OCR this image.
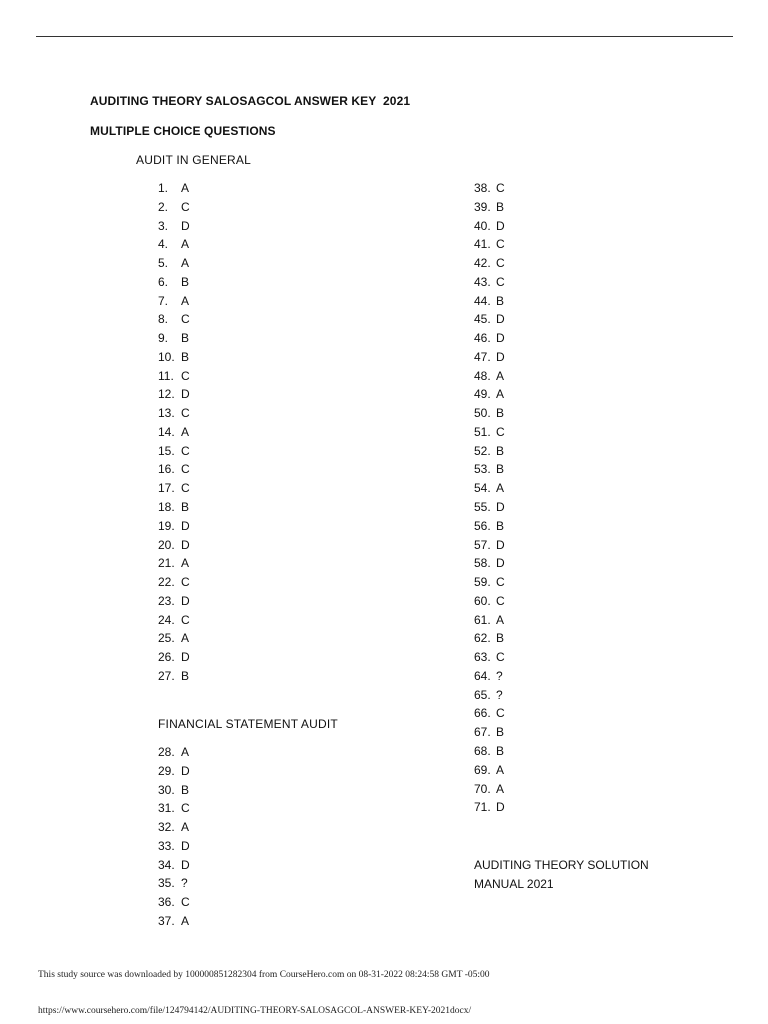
AUDITING THEORY SALOSAGCOL ANSWER KEY  2021
MULTIPLE CHOICE QUESTIONS
AUDIT IN GENERAL
1. A
2. C
3. D
4. A
5. A
6. B
7. A
8. C
9. B
10. B
11. C
12. D
13. C
14. A
15. C
16. C
17. C
18. B
19. D
20. D
21. A
22. C
23. D
24. C
25. A
26. D
27. B
FINANCIAL STATEMENT AUDIT
28. A
29. D
30. B
31. C
32. A
33. D
34. D
35. ?
36. C
37. A
38. C
39. B
40. D
41. C
42. C
43. C
44. B
45. D
46. D
47. D
48. A
49. A
50. B
51. C
52. B
53. B
54. A
55. D
56. B
57. D
58. D
59. C
60. C
61. A
62. B
63. C
64. ?
65. ?
66. C
67. B
68. B
69. A
70. A
71. D
AUDITING THEORY SOLUTION MANUAL 2021
This study source was downloaded by 100000851282304 from CourseHero.com on 08-31-2022 08:24:58 GMT -05:00
https://www.coursehero.com/file/124794142/AUDITING-THEORY-SALOSAGCOL-ANSWER-KEY-2021docx/
